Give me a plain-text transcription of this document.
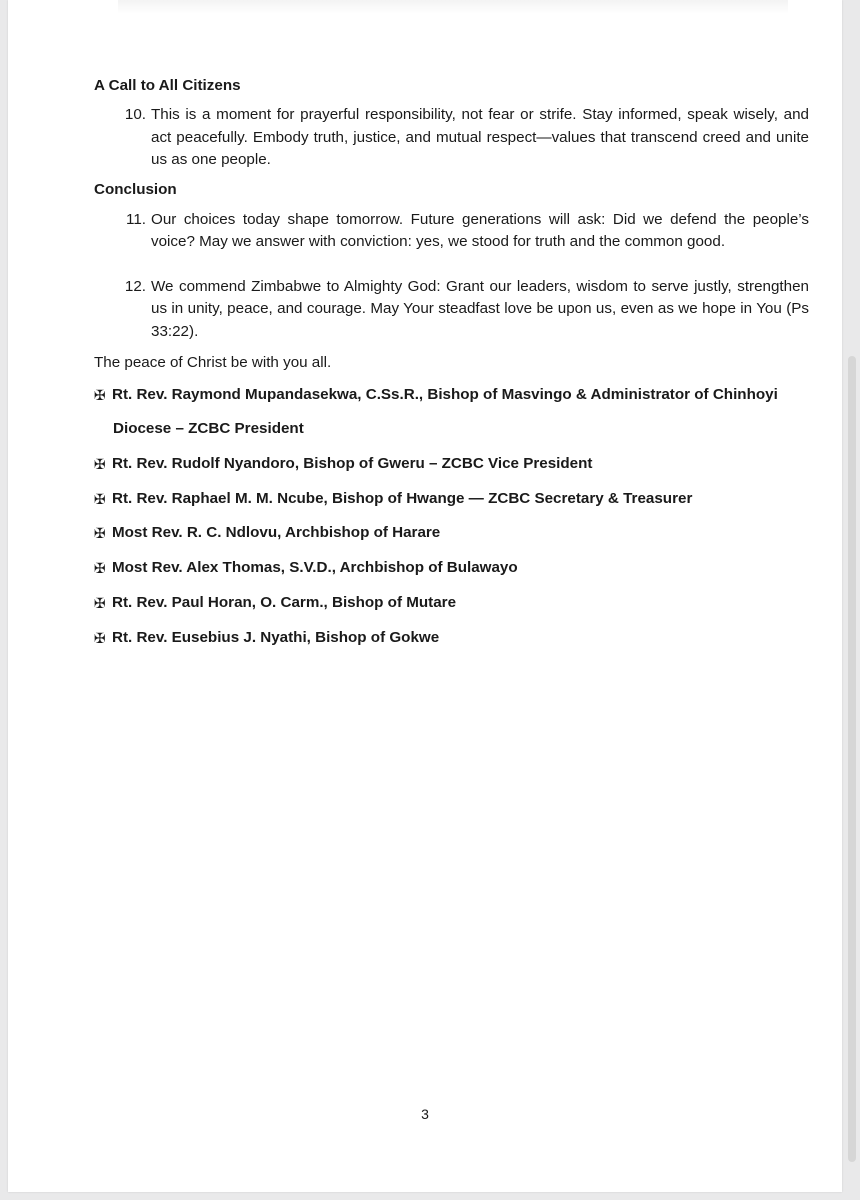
A Call to All Citizens
10. This is a moment for prayerful responsibility, not fear or strife. Stay informed, speak wisely, and act peacefully. Embody truth, justice, and mutual respect—values that transcend creed and unite us as one people.
Conclusion
11. Our choices today shape tomorrow. Future generations will ask: Did we defend the people’s voice? May we answer with conviction: yes, we stood for truth and the common good.
12. We commend Zimbabwe to Almighty God: Grant our leaders, wisdom to serve justly, strengthen us in unity, peace, and courage. May Your steadfast love be upon us, even as we hope in You (Ps 33:22).
The peace of Christ be with you all.
✠ Rt. Rev. Raymond Mupandasekwa, C.Ss.R., Bishop of Masvingo & Administrator of Chinhoyi
Diocese – ZCBC President
✠ Rt. Rev. Rudolf Nyandoro, Bishop of Gweru – ZCBC Vice President
✠ Rt. Rev. Raphael M. M. Ncube, Bishop of Hwange — ZCBC Secretary & Treasurer
✠ Most Rev. R. C. Ndlovu, Archbishop of Harare
✠ Most Rev. Alex Thomas, S.V.D., Archbishop of Bulawayo
✠ Rt. Rev. Paul Horan, O. Carm., Bishop of Mutare
✠ Rt. Rev. Eusebius J. Nyathi, Bishop of Gokwe
3
